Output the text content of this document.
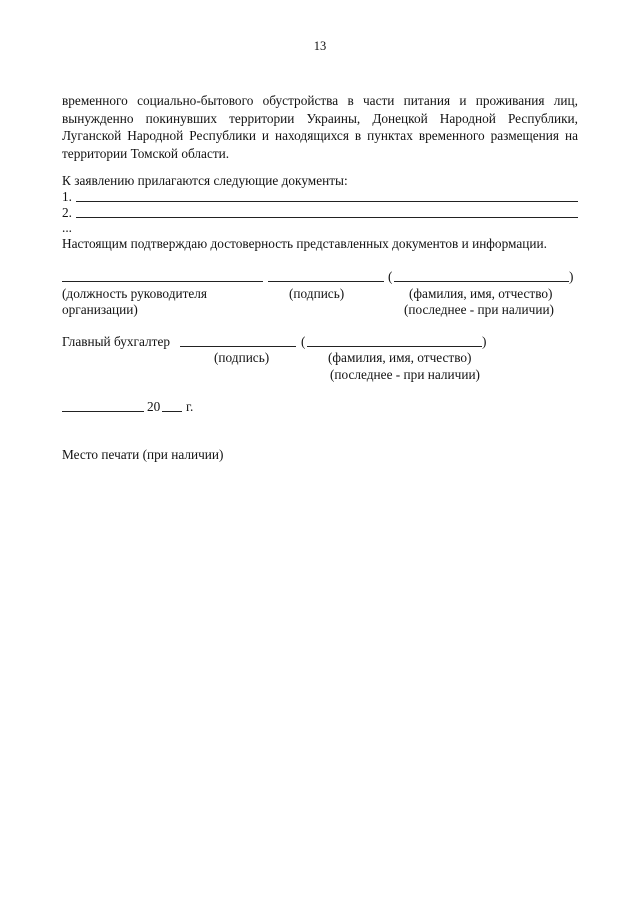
13
временного социально-бытового обустройства в части питания и проживания лиц,
вынужденно покинувших территории Украины, Донецкой Народной Республики,
Луганской Народной Республики и находящихся в пунктах временного размещения на
территории Томской области.
К заявлению прилагаются следующие документы:
1.
2.
...
Настоящим подтверждаю достоверность представленных документов и информации.
(	)
(должность руководителя
организации)
(подпись)	(фамилия, имя, отчество)
(последнее - при наличии)
Главный бухгалтер	(	)
(подпись)	(фамилия, имя, отчество)
(последнее - при наличии)
20 г.
Место печати (при наличии)
